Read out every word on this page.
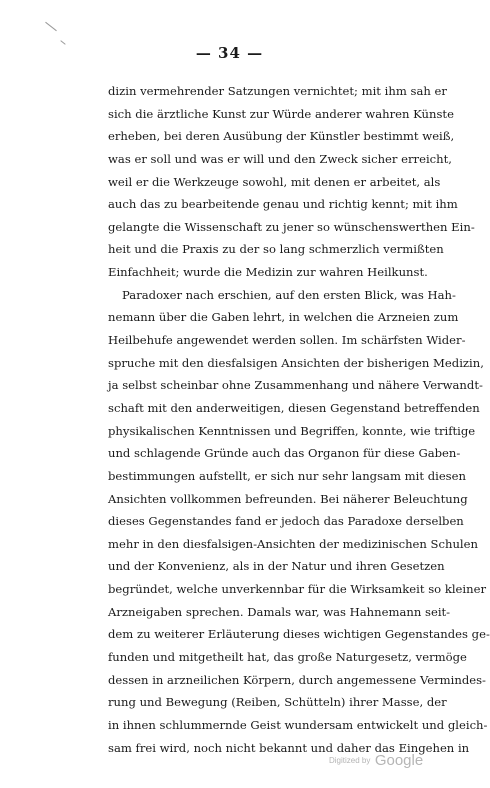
— 34 —
dizin vermehrender Satzungen vernichtet; mit ihm sah er
sich die ärztliche Kunst zur Würde anderer wahren Künste
erheben, bei deren Ausübung der Künstler bestimmt weiß,
was er soll und was er will und den Zweck sicher erreicht,
weil er die Werkzeuge sowohl, mit denen er arbeitet, als
auch das zu bearbeitende genau und richtig kennt; mit ihm
gelangte die Wissenschaft zu jener so wünschenswerthen Ein-
heit und die Praxis zu der so lang schmerzlich vermißten
Einfachheit; wurde die Medizin zur wahren Heilkunst.
Paradoxer nach erschien, auf den ersten Blick, was Hah-
nemann über die Gaben lehrt, in welchen die Arzneien zum
Heilbehufe angewendet werden sollen. Im schärfsten Wider-
spruche mit den diesfalsigen Ansichten der bisherigen Medizin,
ja selbst scheinbar ohne Zusammenhang und nähere Verwandt-
schaft mit den anderweitigen, diesen Gegenstand betreffenden
physikalischen Kenntnissen und Begriffen, konnte, wie triftige
und schlagende Gründe auch das Organon für diese Gaben-
bestimmungen aufstellt, er sich nur sehr langsam mit diesen
Ansichten vollkommen befreunden. Bei näherer Beleuchtung
dieses Gegenstandes fand er jedoch das Paradoxe derselben
mehr in den diesfalsigen-Ansichten der medizinischen Schulen
und der Konvenienz, als in der Natur und ihren Gesetzen
begründet, welche unverkennbar für die Wirksamkeit so kleiner
Arzneigaben sprechen. Damals war, was Hahnemann seit-
dem zu weiterer Erläuterung dieses wichtigen Gegenstandes ge-
funden und mitgetheilt hat, das große Naturgesetz, vermöge
dessen in arzneilichen Körpern, durch angemessene Vermindes-
rung und Bewegung (Reiben, Schütteln) ihrer Masse, der
in ihnen schlummernde Geist wundersam entwickelt und gleich-
sam frei wird, noch nicht bekannt und daher das Eingehen in
Digitized by Google
